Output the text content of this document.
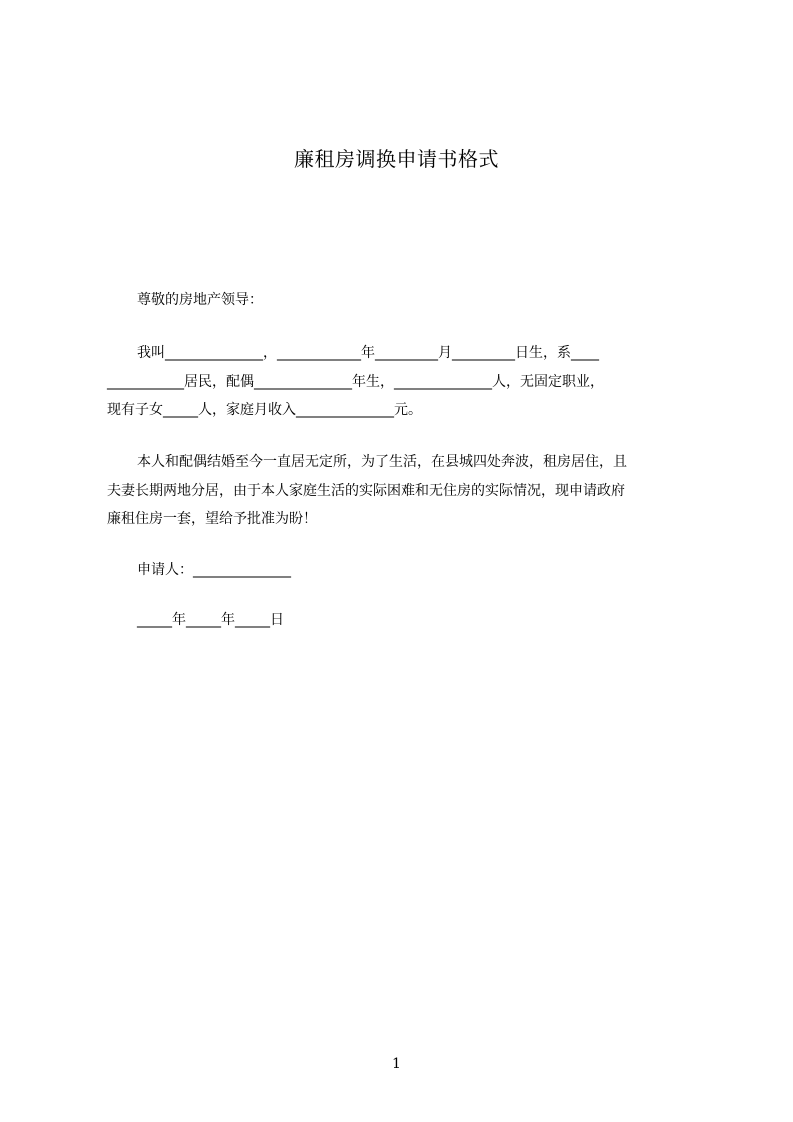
廉租房调换申请书格式
尊敬的房地产领导：
我叫______________，____________年_________月_________日生，系____
___________居民，配偶______________年生，______________人，无固定职业，
现有子女_____人，家庭月收入______________元。
本人和配偶结婚至今一直居无定所，为了生活，在县城四处奔波，租房居住，且
夫妻长期两地分居，由于本人家庭生活的实际困难和无住房的实际情况，现申请政府
廉租住房一套，望给予批准为盼！
申请人：______________
_____年_____年_____日
1
